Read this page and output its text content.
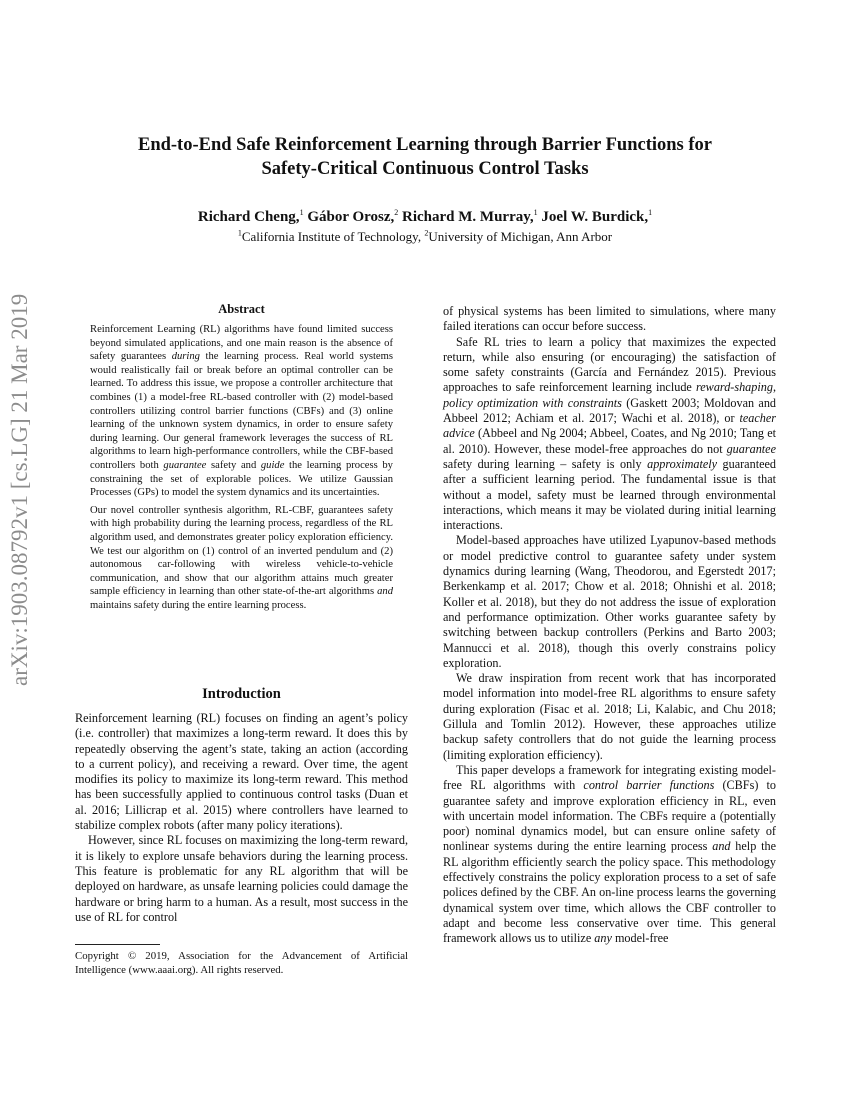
arXiv:1903.08792v1 [cs.LG] 21 Mar 2019
End-to-End Safe Reinforcement Learning through Barrier Functions for
Safety-Critical Continuous Control Tasks
Richard Cheng,$^1$ Gábor Orosz,$^2$ Richard M. Murray,$^1$ Joel W. Burdick,$^1$
$^1$California Institute of Technology, $^2$University of Michigan, Ann Arbor
Abstract

Reinforcement Learning (RL) algorithms have found limited success beyond simulated applications, and one main reason is the absence of safety guarantees during the learning process. Real world systems would realistically fail or break before an optimal controller can be learned. To address this issue, we propose a controller architecture that combines (1) a model-free RL-based controller with (2) model-based controllers utilizing control barrier functions (CBFs) and (3) online learning of the unknown system dynamics, in order to ensure safety during learning. Our general framework leverages the success of RL algorithms to learn high-performance controllers, while the CBF-based controllers both guarantee safety and guide the learning process by constraining the set of explorable polices. We utilize Gaussian Processes (GPs) to model the system dynamics and its uncertainties.

Our novel controller synthesis algorithm, RL-CBF, guarantees safety with high probability during the learning process, regardless of the RL algorithm used, and demonstrates greater policy exploration efficiency. We test our algorithm on (1) control of an inverted pendulum and (2) autonomous car-following with wireless vehicle-to-vehicle communication, and show that our algorithm attains much greater sample efficiency in learning than other state-of-the-art algorithms and maintains safety during the entire learning process.

Introduction

Reinforcement learning (RL) focuses on finding an agent’s policy (i.e. controller) that maximizes a long-term reward. It does this by repeatedly observing the agent’s state, taking an action (according to a current policy), and receiving a reward. Over time, the agent modifies its policy to maximize its long-term reward. This method has been successfully applied to continuous control tasks (Duan et al. 2016; Lillicrap et al. 2015) where controllers have learned to stabilize complex robots (after many policy iterations).

However, since RL focuses on maximizing the long-term reward, it is likely to explore unsafe behaviors during the learning process. This feature is problematic for any RL algorithm that will be deployed on hardware, as unsafe learning policies could damage the hardware or bring harm to a human. As a result, most success in the use of RL for control

Copyright © 2019, Association for the Advancement of Artificial Intelligence (www.aaai.org). All rights reserved.

of physical systems has been limited to simulations, where many failed iterations can occur before success.

Safe RL tries to learn a policy that maximizes the expected return, while also ensuring (or encouraging) the satisfaction of some safety constraints (García and Fernández 2015). Previous approaches to safe reinforcement learning include reward-shaping, policy optimization with constraints (Gaskett 2003; Moldovan and Abbeel 2012; Achiam et al. 2017; Wachi et al. 2018), or teacher advice (Abbeel and Ng 2004; Abbeel, Coates, and Ng 2010; Tang et al. 2010). However, these model-free approaches do not guarantee safety during learning – safety is only approximately guaranteed after a sufficient learning period. The fundamental issue is that without a model, safety must be learned through environmental interactions, which means it may be violated during initial learning interactions.

Model-based approaches have utilized Lyapunov-based methods or model predictive control to guarantee safety under system dynamics during learning (Wang, Theodorou, and Egerstedt 2017; Berkenkamp et al. 2017; Chow et al. 2018; Ohnishi et al. 2018; Koller et al. 2018), but they do not address the issue of exploration and performance optimization. Other works guarantee safety by switching between backup controllers (Perkins and Barto 2003; Mannucci et al. 2018), though this overly constrains policy exploration.

We draw inspiration from recent work that has incorporated model information into model-free RL algorithms to ensure safety during exploration (Fisac et al. 2018; Li, Kalabic, and Chu 2018; Gillula and Tomlin 2012). However, these approaches utilize backup safety controllers that do not guide the learning process (limiting exploration efficiency).

This paper develops a framework for integrating existing model-free RL algorithms with control barrier functions (CBFs) to guarantee safety and improve exploration efficiency in RL, even with uncertain model information. The CBFs require a (potentially poor) nominal dynamics model, but can ensure online safety of nonlinear systems during the entire learning process and help the RL algorithm efficiently search the policy space. This methodology effectively constrains the policy exploration process to a set of safe polices defined by the CBF. An on-line process learns the governing dynamical system over time, which allows the CBF controller to adapt and become less conservative over time. This general framework allows us to utilize any model-free
